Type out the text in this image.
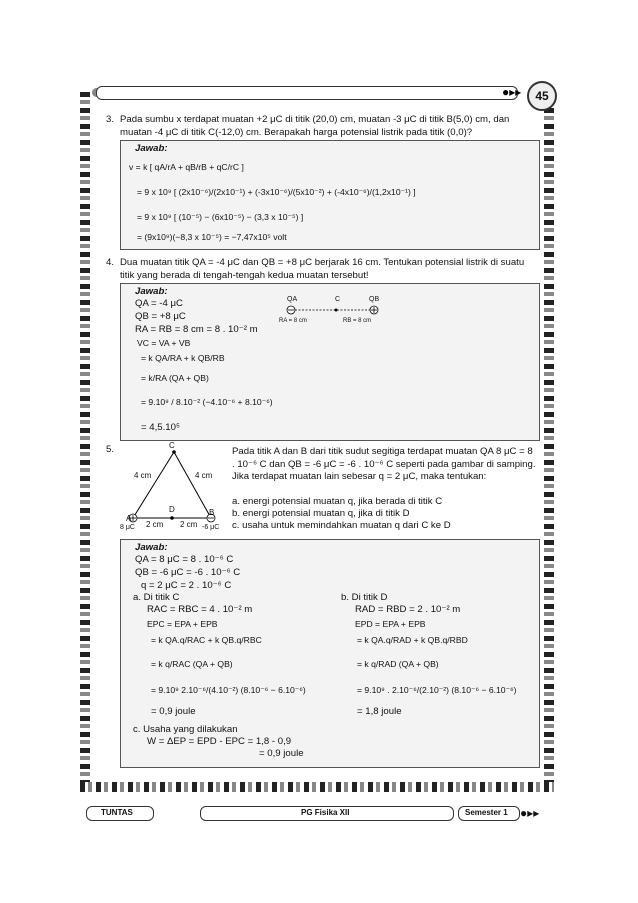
●▸▸	45
3. Pada sumbu x terdapat muatan +2 μC di titik (20,0) cm, muatan -3 μC di titik B(5,0) cm, dan muatan -4 μC di titik C(-12,0) cm. Berapakah harga potensial listrik pada titik (0,0)?
Jawab:
v = k [ qA/rA + qB/rB + qC/rC ]
= 9 x 10⁹ [ (2x10⁻⁶)/(2x10⁻¹) + (-3x10⁻⁶)/(5x10⁻²) + (-4x10⁻⁶)/(1,2x10⁻¹) ]
= 9 x 10⁹ [ (10⁻⁵) − (6x10⁻⁵) − (3,3 x 10⁻⁵) ]
= (9x10⁹)(−8,3 x 10⁻⁵) = −7,47x10⁵ volt
4. Dua muatan titik QA = -4 μC dan QB = +8 μC berjarak 16 cm. Tentukan potensial listrik di suatu titik yang berada di tengah-tengah kedua muatan tersebut!
Jawab:
QA = -4 μC
QB = +8 μC
RA = RB = 8 cm = 8 . 10⁻² m
VC = VA + VB
= k QA/RA + k QB/RB
= k/RA (QA + QB)
= 9.10⁹ / 8.10⁻² (−4.10⁻⁶ + 8.10⁻⁶)
= 4,5.10⁵
QA	C	QB
RA = 8 cm	RB = 8 cm
5.	C
A
B
D
4 cm	4 cm
2 cm 2 cm
8 μC	-6 μC
Pada titik A dan B dari titik sudut segitiga terdapat muatan QA 8 μC = 8 . 10⁻⁶ C dan QB = -6 μC = -6 . 10⁻⁶ C seperti pada gambar di samping. Jika terdapat muatan lain sebesar q = 2 μC, maka tentukan:
a. energi potensial muatan q, jika berada di titik C
b. energi potensial muatan q, jika di titik D
c. usaha untuk memindahkan muatan q dari C ke D
Jawab:
QA = 8 μC = 8 . 10⁻⁶ C
QB = -6 μC = -6 . 10⁻⁶ C
q = 2 μC = 2 . 10⁻⁶ C
a. Di titik C
RAC = RBC = 4 . 10⁻² m
EPC = EPA + EPB
= k QA.q/RAC + k QB.q/RBC
= k q/RAC (QA + QB)
= 9.10⁹ 2.10⁻⁶/(4.10⁻²) (8.10⁻⁶ − 6.10⁻⁶)
= 0,9 joule
b. Di titik D
RAD = RBD = 2 . 10⁻² m
EPD = EPA + EPB
= k QA.q/RAD + k QB.q/RBD
= k q/RAD (QA + QB)
= 9.10⁹ . 2.10⁻⁶/(2.10⁻²) (8.10⁻⁶ − 6.10⁻⁶)
= 1,8 joule
c. Usaha yang dilakukan
W = ΔEP = EPD - EPC = 1,8 - 0,9
= 0,9 joule
TUNTAS	PG Fisika XII	Semester 1 ●▸▸
